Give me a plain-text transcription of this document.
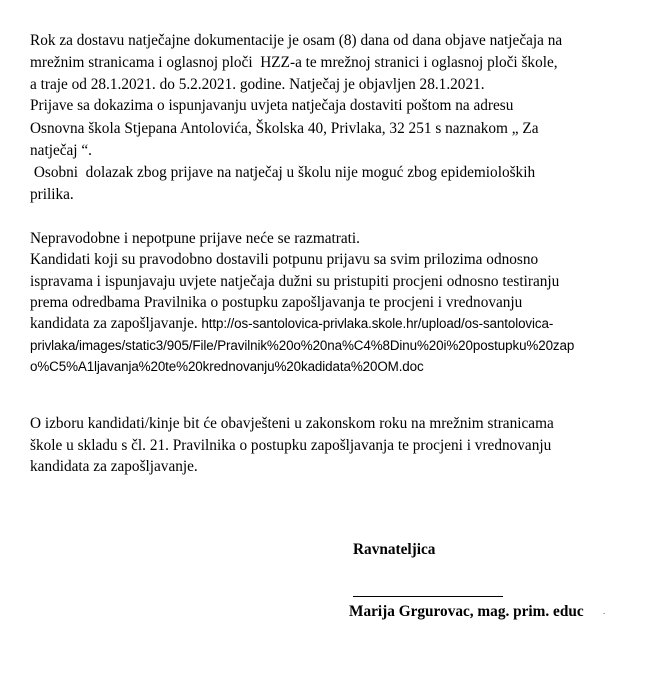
Rok za dostavu natječajne dokumentacije je osam (8) dana od dana objave natječaja na
mrežnim stranicama i oglasnoj ploči  HZZ-a te mrežnoj stranici i oglasnoj ploči škole,
a traje od 28.1.2021. do 5.2.2021. godine. Natječaj je objavljen 28.1.2021.
Prijave sa dokazima o ispunjavanju uvjeta natječaja dostaviti poštom na adresu
Osnovna škola Stjepana Antolovića, Školska 40, Privlaka, 32 251 s naznakom „ Za
natječaj “.
Osobni  dolazak zbog prijave na natječaj u školu nije moguć zbog epidemioloških
prilika.
Nepravodobne i nepotpune prijave neće se razmatrati.
Kandidati koji su pravodobno dostavili potpunu prijavu sa svim prilozima odnosno
ispravama i ispunjavaju uvjete natječaja dužni su pristupiti procjeni odnosno testiranju
prema odredbama Pravilnika o postupku zapošljavanja te procjeni i vrednovanju
kandidata za zapošljavanje. http://os-santolovica-privlaka.skole.hr/upload/os-santolovica-
privlaka/images/static3/905/File/Pravilnik%20o%20na%C4%8Dinu%20i%20postupku%20zap
o%C5%A1ljavanja%20te%20krednovanju%20kadidata%20OM.doc
O izboru kandidati/kinje bit će obavješteni u zakonskom roku na mrežnim stranicama
škole u skladu s čl. 21. Pravilnika o postupku zapošljavanja te procjeni i vrednovanju
kandidata za zapošljavanje.
Ravnateljica
Marija Grgurovac, mag. prim. educ .
